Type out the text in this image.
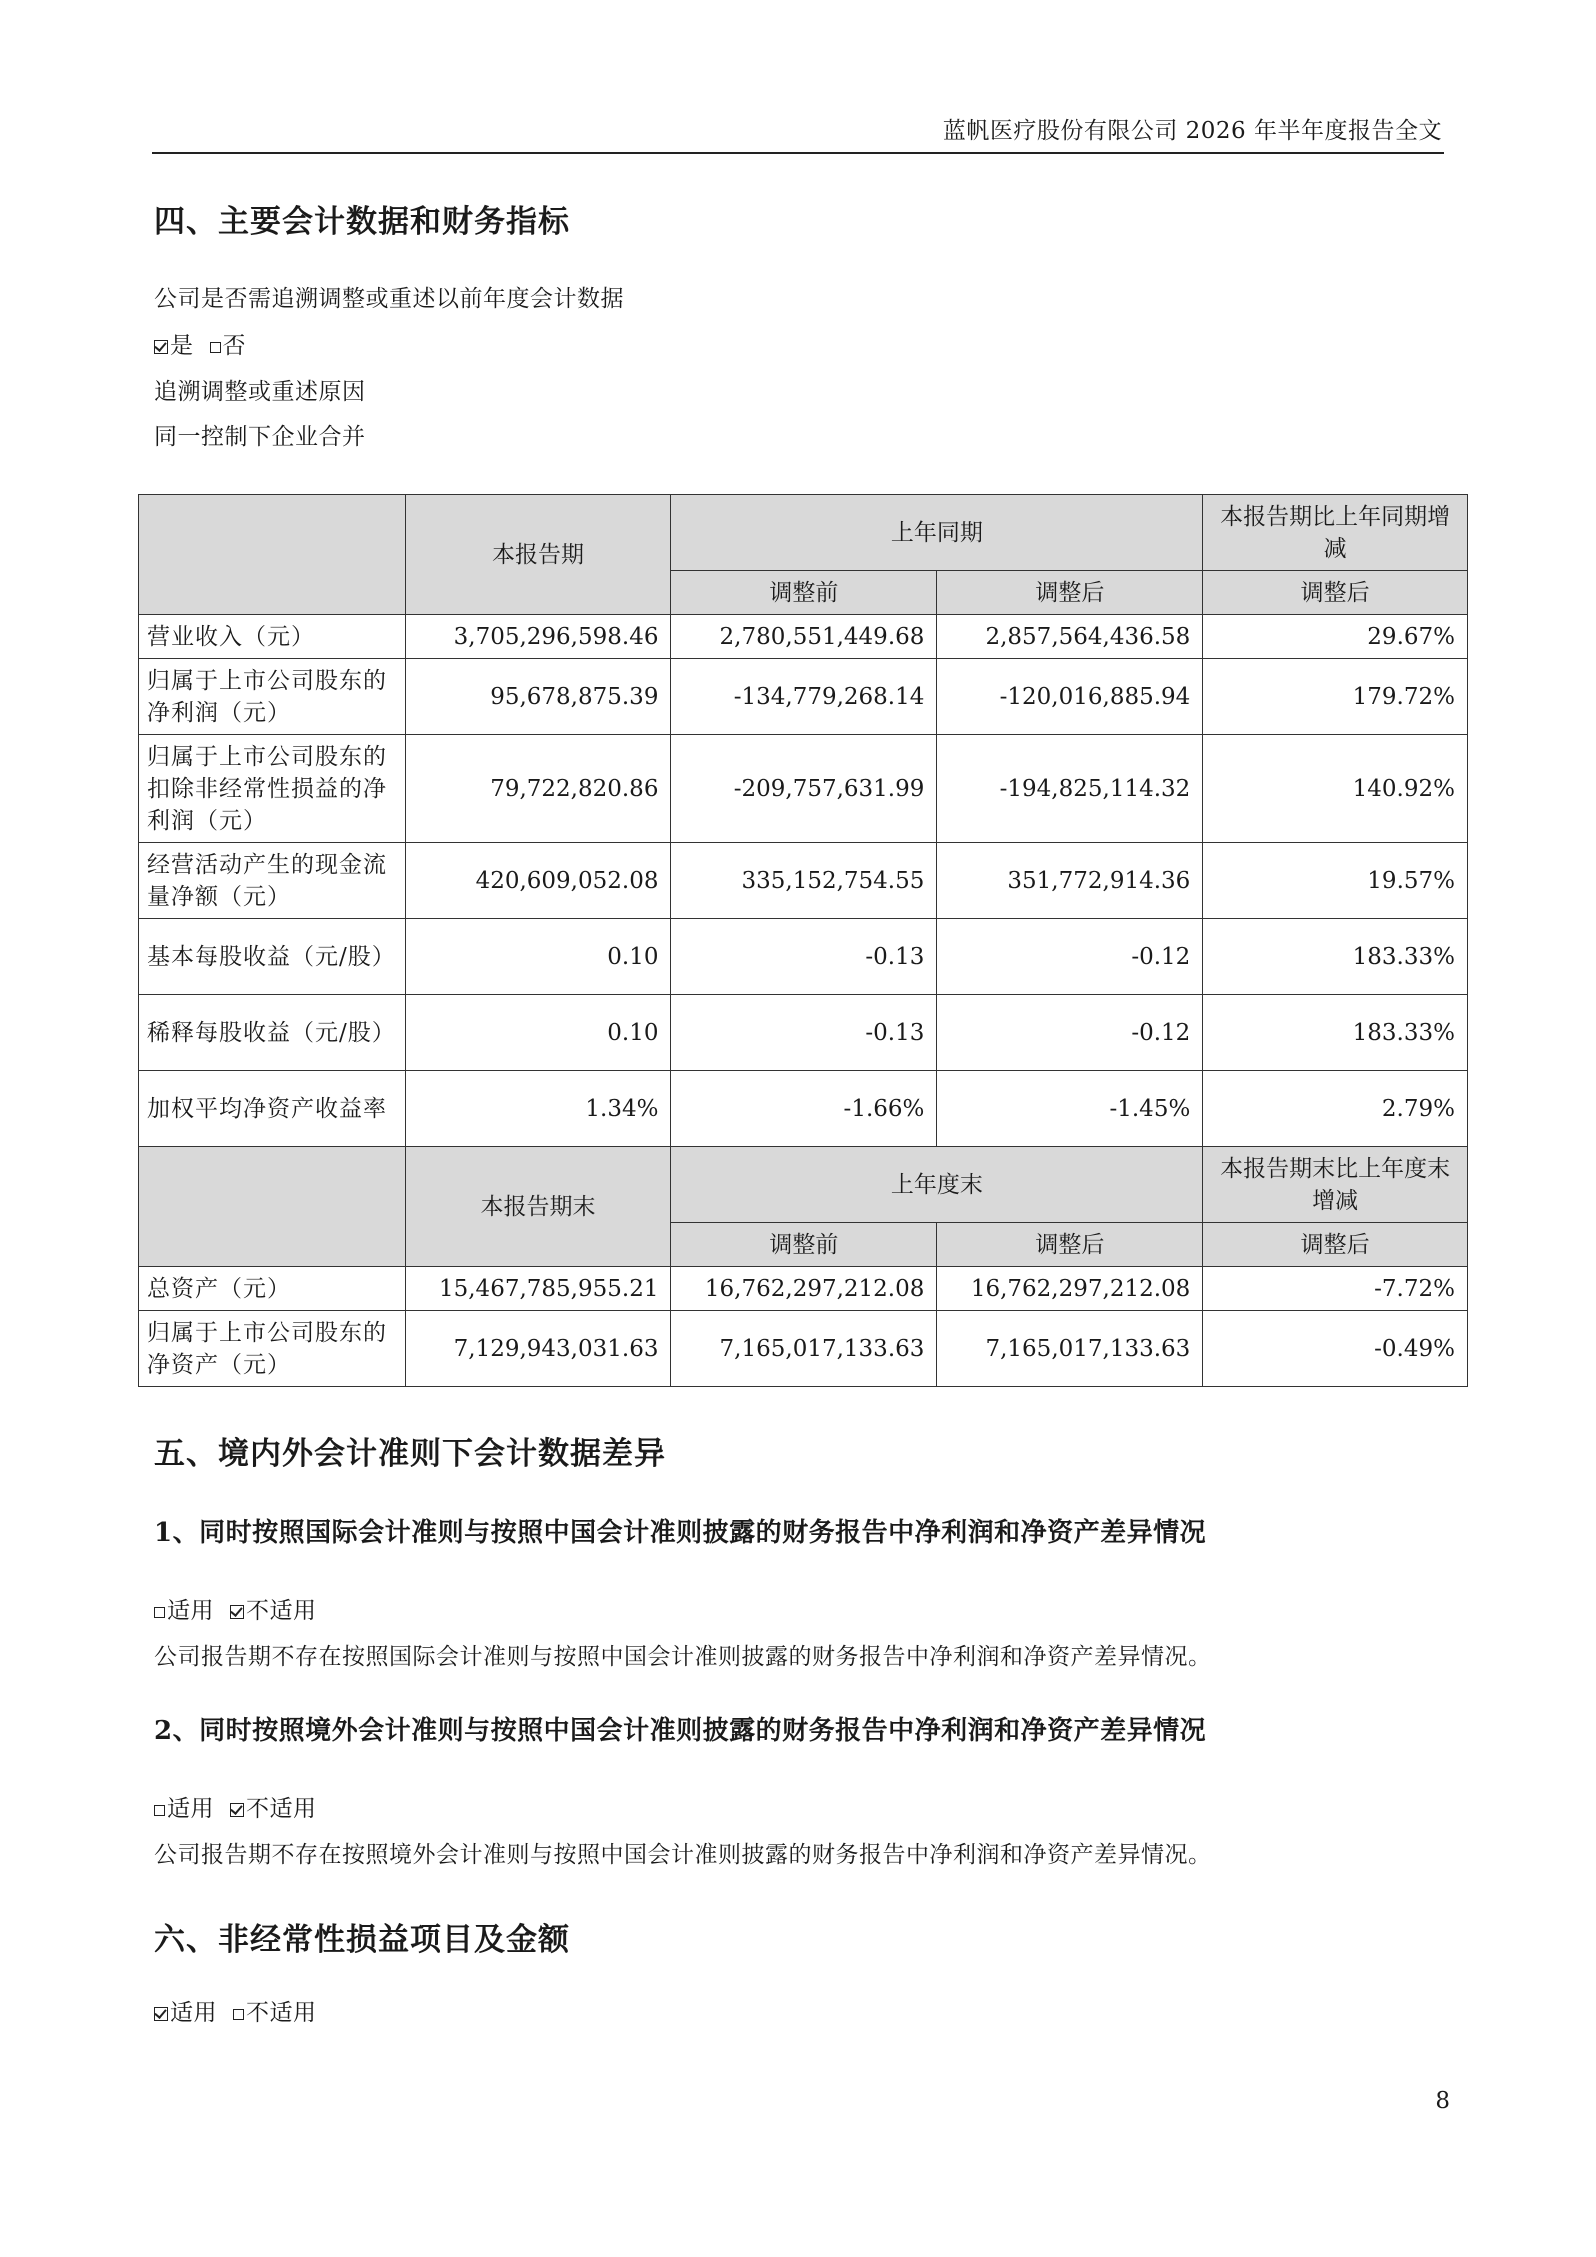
蓝帆医疗股份有限公司 2026 年半年度报告全文
四、主要会计数据和财务指标
公司是否需追溯调整或重述以前年度会计数据
是 否
追溯调整或重述原因
同一控制下企业合并
	本报告期	上年同期		本报告期比上年同期增减
		调整前	调整后	调整后
营业收入（元）	3,705,296,598.46	2,780,551,449.68	2,857,564,436.58	29.67%
归属于上市公司股东的净利润（元）	95,678,875.39	-134,779,268.14	-120,016,885.94	179.72%
归属于上市公司股东的扣除非经常性损益的净利润（元）	79,722,820.86	-209,757,631.99	-194,825,114.32	140.92%
经营活动产生的现金流量净额（元）	420,609,052.08	335,152,754.55	351,772,914.36	19.57%
基本每股收益（元/股）	0.10	-0.13	-0.12	183.33%
稀释每股收益（元/股）	0.10	-0.13	-0.12	183.33%
加权平均净资产收益率	1.34%	-1.66%	-1.45%	2.79%
	本报告期末	上年度末		本报告期末比上年度末增减
		调整前	调整后	调整后
总资产（元）	15,467,785,955.21	16,762,297,212.08	16,762,297,212.08	-7.72%
归属于上市公司股东的净资产（元）	7,129,943,031.63	7,165,017,133.63	7,165,017,133.63	-0.49%
五、境内外会计准则下会计数据差异
1、同时按照国际会计准则与按照中国会计准则披露的财务报告中净利润和净资产差异情况
适用 不适用
公司报告期不存在按照国际会计准则与按照中国会计准则披露的财务报告中净利润和净资产差异情况。
2、同时按照境外会计准则与按照中国会计准则披露的财务报告中净利润和净资产差异情况
适用 不适用
公司报告期不存在按照境外会计准则与按照中国会计准则披露的财务报告中净利润和净资产差异情况。
六、非经常性损益项目及金额
适用 不适用
8
